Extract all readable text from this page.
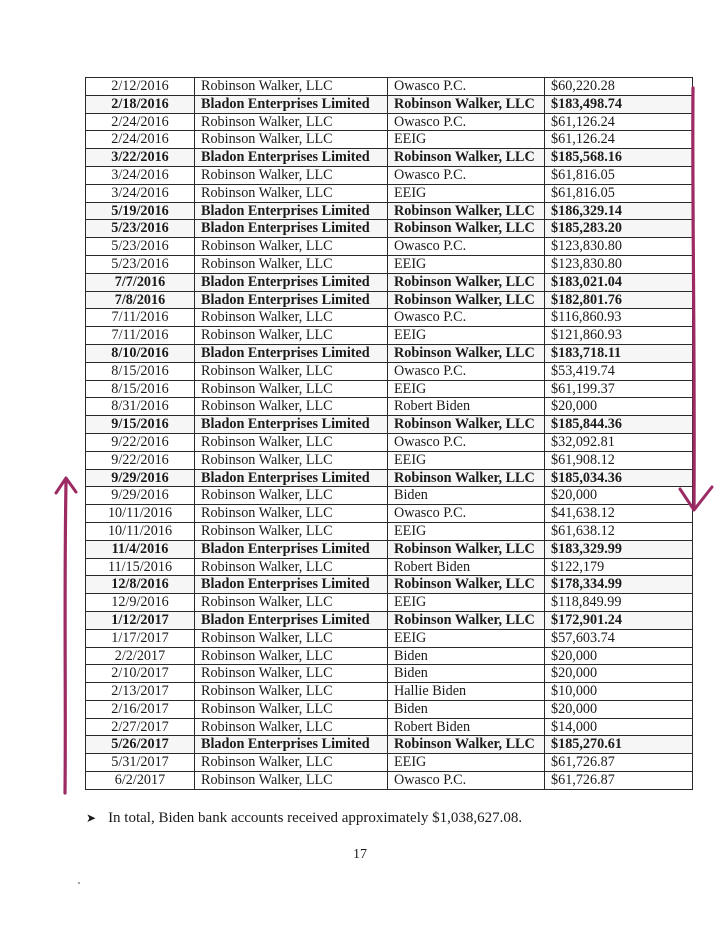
2/12/2016	Robinson Walker, LLC	Owasco P.C.	$60,220.28
2/18/2016	Bladon Enterprises Limited	Robinson Walker, LLC	$183,498.74
2/24/2016	Robinson Walker, LLC	Owasco P.C.	$61,126.24
2/24/2016	Robinson Walker, LLC	EEIG	$61,126.24
3/22/2016	Bladon Enterprises Limited	Robinson Walker, LLC	$185,568.16
3/24/2016	Robinson Walker, LLC	Owasco P.C.	$61,816.05
3/24/2016	Robinson Walker, LLC	EEIG	$61,816.05
5/19/2016	Bladon Enterprises Limited	Robinson Walker, LLC	$186,329.14
5/23/2016	Bladon Enterprises Limited	Robinson Walker, LLC	$185,283.20
5/23/2016	Robinson Walker, LLC	Owasco P.C.	$123,830.80
5/23/2016	Robinson Walker, LLC	EEIG	$123,830.80
7/7/2016	Bladon Enterprises Limited	Robinson Walker, LLC	$183,021.04
7/8/2016	Bladon Enterprises Limited	Robinson Walker, LLC	$182,801.76
7/11/2016	Robinson Walker, LLC	Owasco P.C.	$116,860.93
7/11/2016	Robinson Walker, LLC	EEIG	$121,860.93
8/10/2016	Bladon Enterprises Limited	Robinson Walker, LLC	$183,718.11
8/15/2016	Robinson Walker, LLC	Owasco P.C.	$53,419.74
8/15/2016	Robinson Walker, LLC	EEIG	$61,199.37
8/31/2016	Robinson Walker, LLC	Robert Biden	$20,000
9/15/2016	Bladon Enterprises Limited	Robinson Walker, LLC	$185,844.36
9/22/2016	Robinson Walker, LLC	Owasco P.C.	$32,092.81
9/22/2016	Robinson Walker, LLC	EEIG	$61,908.12
9/29/2016	Bladon Enterprises Limited	Robinson Walker, LLC	$185,034.36
9/29/2016	Robinson Walker, LLC	Biden	$20,000
10/11/2016	Robinson Walker, LLC	Owasco P.C.	$41,638.12
10/11/2016	Robinson Walker, LLC	EEIG	$61,638.12
11/4/2016	Bladon Enterprises Limited	Robinson Walker, LLC	$183,329.99
11/15/2016	Robinson Walker, LLC	Robert Biden	$122,179
12/8/2016	Bladon Enterprises Limited	Robinson Walker, LLC	$178,334.99
12/9/2016	Robinson Walker, LLC	EEIG	$118,849.99
1/12/2017	Bladon Enterprises Limited	Robinson Walker, LLC	$172,901.24
1/17/2017	Robinson Walker, LLC	EEIG	$57,603.74
2/2/2017	Robinson Walker, LLC	Biden	$20,000
2/10/2017	Robinson Walker, LLC	Biden	$20,000
2/13/2017	Robinson Walker, LLC	Hallie Biden	$10,000
2/16/2017	Robinson Walker, LLC	Biden	$20,000
2/27/2017	Robinson Walker, LLC	Robert Biden	$14,000
5/26/2017	Bladon Enterprises Limited	Robinson Walker, LLC	$185,270.61
5/31/2017	Robinson Walker, LLC	EEIG	$61,726.87
6/2/2017	Robinson Walker, LLC	Owasco P.C.	$61,726.87
➤ In total, Biden bank accounts received approximately $1,038,627.08.
17
